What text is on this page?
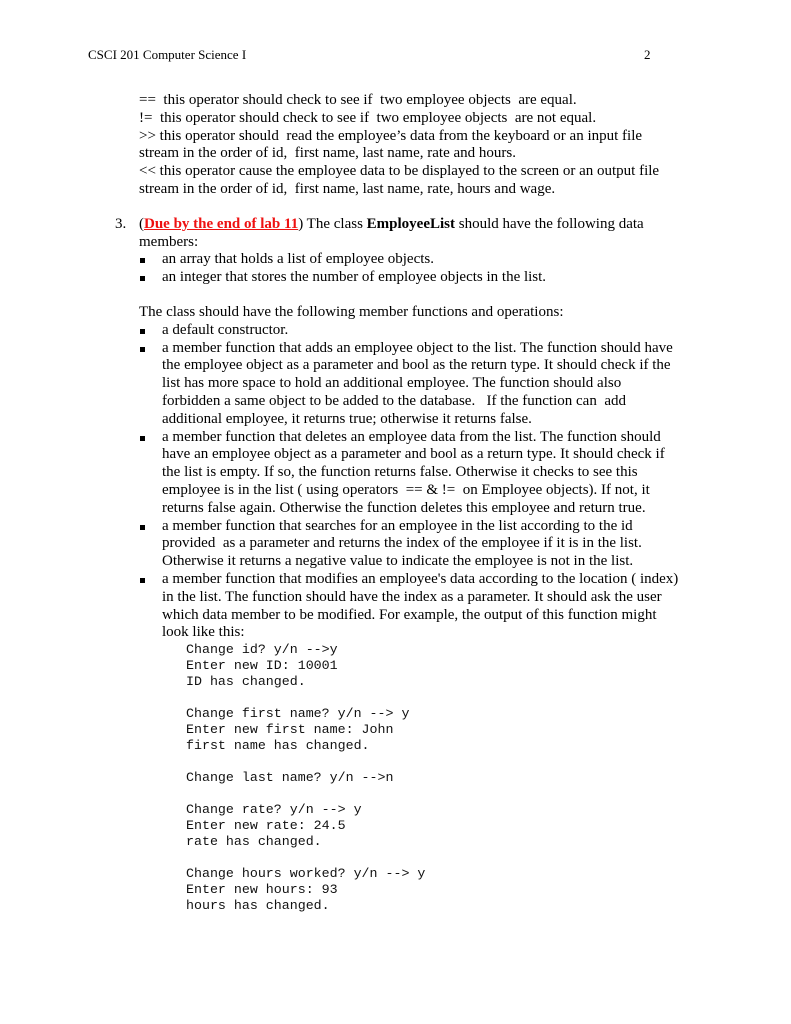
CSCI 201 Computer Science I	2
==  this operator should check to see if  two employee objects  are equal.
!=  this operator should check to see if  two employee objects  are not equal.
>> this operator should  read the employee’s data from the keyboard or an input file
stream in the order of id,  first name, last name, rate and hours.
<< this operator cause the employee data to be displayed to the screen or an output file
stream in the order of id,  first name, last name, rate, hours and wage.
3. (Due by the end of lab 11) The class EmployeeList should have the following data
members:
an array that holds a list of employee objects.
an integer that stores the number of employee objects in the list.
The class should have the following member functions and operations:
a default constructor.
a member function that adds an employee object to the list. The function should have
the employee object as a parameter and bool as the return type. It should check if the
list has more space to hold an additional employee. The function should also
forbidden a same object to be added to the database.   If the function can  add
additional employee, it returns true; otherwise it returns false.
a member function that deletes an employee data from the list. The function should
have an employee object as a parameter and bool as a return type. It should check if
the list is empty. If so, the function returns false. Otherwise it checks to see this
employee is in the list ( using operators  == & !=  on Employee objects). If not, it
returns false again. Otherwise the function deletes this employee and return true.
a member function that searches for an employee in the list according to the id
provided  as a parameter and returns the index of the employee if it is in the list.
Otherwise it returns a negative value to indicate the employee is not in the list.
a member function that modifies an employee's data according to the location ( index)
in the list. The function should have the index as a parameter. It should ask the user
which data member to be modified. For example, the output of this function might
look like this:
Change id? y/n -->y
Enter new ID: 10001
ID has changed.
Change first name? y/n --> y
Enter new first name: John
first name has changed.
Change last name? y/n -->n
Change rate? y/n --> y
Enter new rate: 24.5
rate has changed.
Change hours worked? y/n --> y
Enter new hours: 93
hours has changed.
